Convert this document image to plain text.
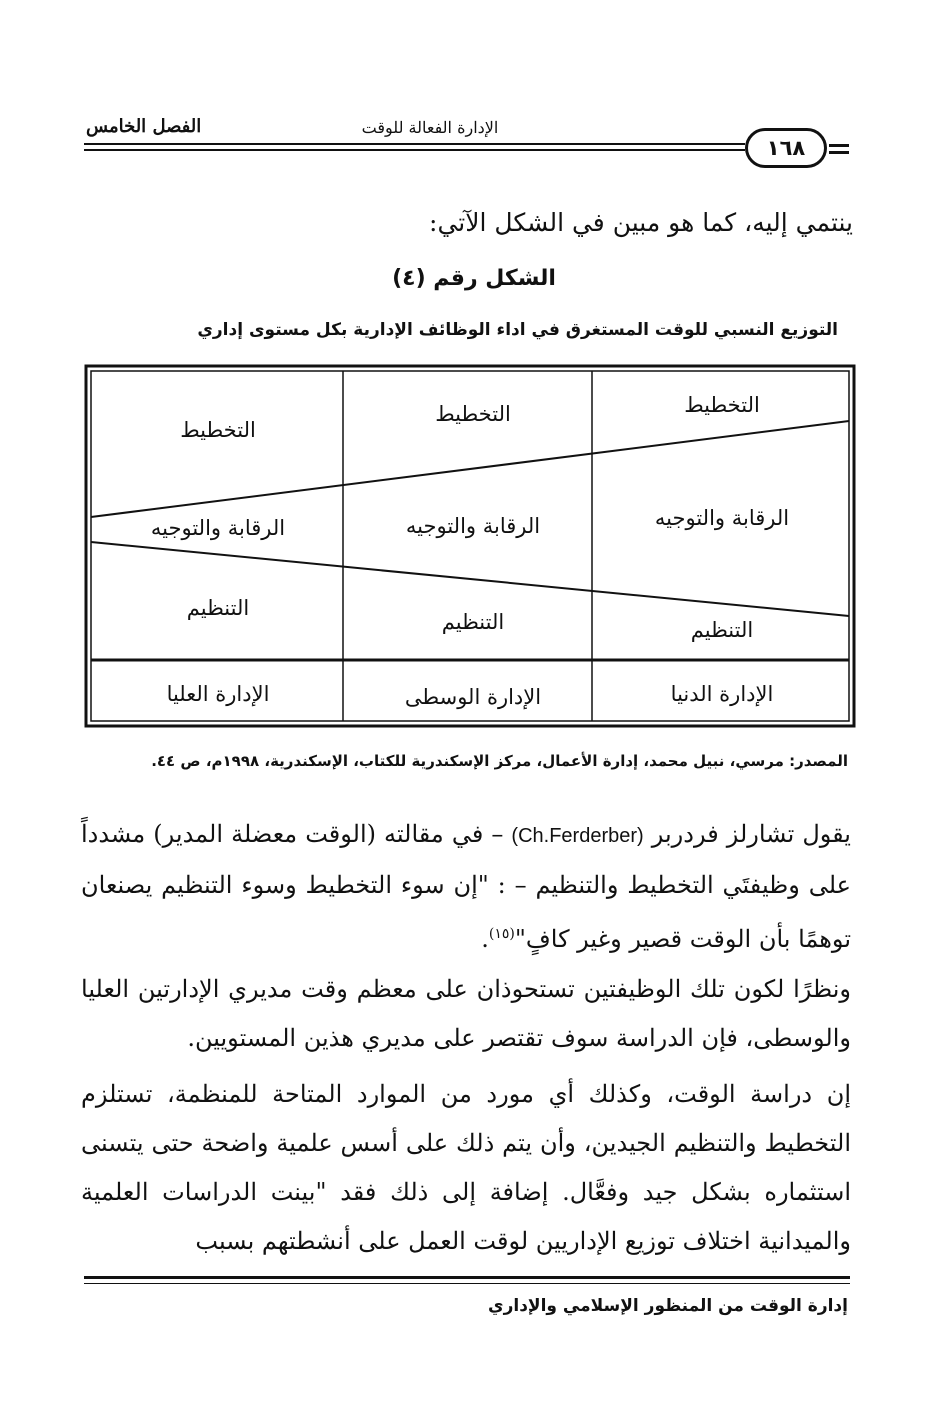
الفصل الخامس	الإدارة الفعالة للوقت
١٦٨
ينتمي إليه، كما هو مبين في الشكل الآتي:
الشكل رقم (٤)
التوزيع النسبي للوقت المستغرق في اداء الوظائف الإدارية بكل مستوى إداري
التخطيط
الرقابة والتوجيه
التنظيم
الإدارة الدنيا
التخطيط
الرقابة والتوجيه
التنظيم
الإدارة الوسطى
التخطيط
الرقابة والتوجيه
التنظيم
الإدارة العليا
المصدر: مرسي، نبيل محمد، إدارة الأعمال، مركز الإسكندرية للكتاب، الإسكندرية، ١٩٩٨م، ص ٤٤.
يقول تشارلز فردربر (Ch.Ferderber) – في مقالته (الوقت معضلة المدير) مشدداً على وظيفتَي التخطيط والتنظيم – : "إن سوء التخطيط وسوء التنظيم يصنعان توهمًا بأن الوقت قصير وغير كافٍ"$^{(١٥)}$.
ونظرًا لكون تلك الوظيفتين تستحوذان على معظم وقت مديري الإدارتين العليا والوسطى، فإن الدراسة سوف تقتصر على مديري هذين المستويين.
إن دراسة الوقت، وكذلك أي مورد من الموارد المتاحة للمنظمة، تستلزم التخطيط والتنظيم الجيدين، وأن يتم ذلك على أسس علمية واضحة حتى يتسنى استثماره بشكل جيد وفعَّال. إضافة إلى ذلك فقد "بينت الدراسات العلمية والميدانية اختلاف توزيع الإداريين لوقت العمل على أنشطتهم بسبب
إدارة الوقت من المنظور الإسلامي والإداري
